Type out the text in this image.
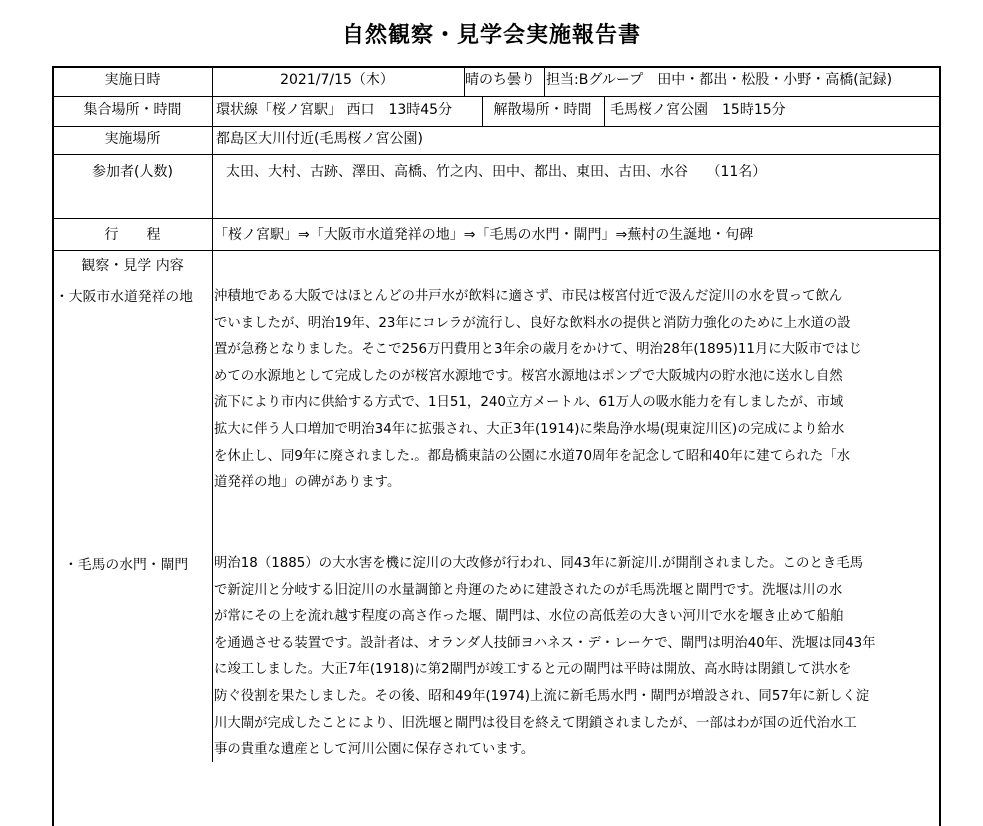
自然観察・見学会実施報告書
実施日時	2021/7/15（木）	晴のち曇り 担当:Bグループ　田中・都出・松股・小野・高橋(記録)
集合場所・時間	環状線「桜ノ宮駅」 西口　13時45分	解散場所・時間	毛馬桜ノ宮公園　15時15分
実施場所	都島区大川付近(毛馬桜ノ宮公園)
参加者(人数)	太田、大村、古跡、澤田、高橋、竹之内、田中、都出、東田、古田、水谷　 （11名）
行　　程	「桜ノ宮駅」⇒「大阪市水道発祥の地」⇒「毛馬の水門・閘門」⇒蕪村の生誕地・句碑
観察・見学 内容
・大阪市水道発祥の地 沖積地である大阪ではほとんどの井戸水が飲料に適さず、市民は桜宮付近で汲んだ淀川の水を買って飲ん

でいましたが、明治19年、23年にコレラが流行し、良好な飲料水の提供と消防力強化のために上水道の設

置が急務となりました。そこで256万円費用と3年余の歳月をかけて、明治28年(1895)11月に大阪市ではじ

めての水源地として完成したのが桜宮水源地です。桜宮水源地はポンプで大阪城内の貯水池に送水し自然

流下により市内に供給する方式で、1日51，240立方メートル、61万人の吸水能力を有しましたが、市域

拡大に伴う人口増加で明治34年に拡張され、大正3年(1914)に柴島浄水場(現東淀川区)の完成により給水

を休止し、同9年に廃されました.。都島橋東詰の公園に水道70周年を記念して昭和40年に建てられた「水

道発祥の地」の碑があります。

・毛馬の水門・閘門 明治18（1885）の大水害を機に淀川の大改修が行われ、同43年に新淀川.が開削されました。このとき毛馬

で新淀川と分岐する旧淀川の水量調節と舟運のために建設されたのが毛馬洗堰と閘門です。洗堰は川の水

が常にその上を流れ越す程度の高さ作った堰、閘門は、水位の高低差の大きい河川で水を堰き止めて船舶

を通過させる装置です。設計者は、オランダ人技師ヨハネス・デ・レーケで、閘門は明治40年、洗堰は同43年

に竣工しました。大正7年(1918)に第2閘門が竣工すると元の閘門は平時は開放、高水時は閉鎖して洪水を

防ぐ役割を果たしました。その後、昭和49年(1974)上流に新毛馬水門・閘門が増設され、同57年に新しく淀

川大閘が完成したことにより、旧洗堰と閘門は役目を終えて閉鎖されましたが、一部はわが国の近代治水工

事の貴重な遺産として河川公園に保存されています。
